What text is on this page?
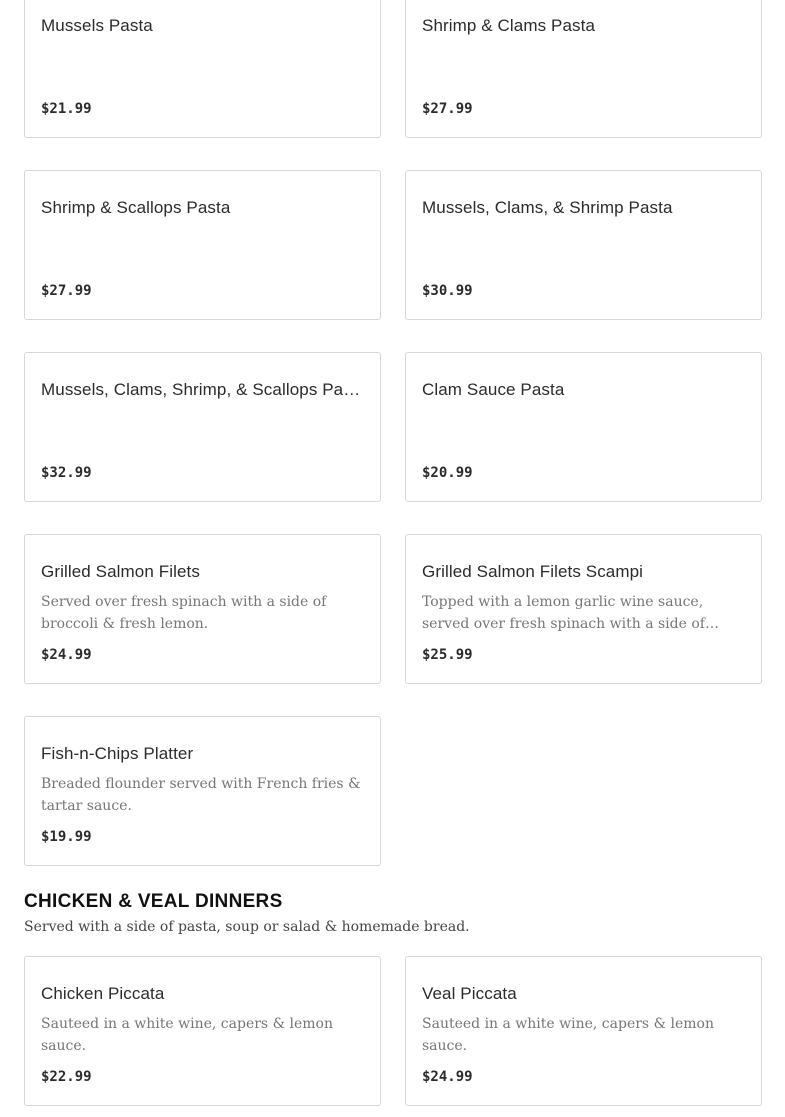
Mussels Pasta
$21.99
Shrimp & Clams Pasta
$27.99
Shrimp & Scallops Pasta
$27.99
Mussels, Clams, & Shrimp Pasta
$30.99
Mussels, Clams, Shrimp, & Scallops Pasta
$32.99
Clam Sauce Pasta
$20.99
Grilled Salmon Filets
Served over fresh spinach with a side of broccoli & fresh lemon.
$24.99
Grilled Salmon Filets Scampi
Topped with a lemon garlic wine sauce, served over fresh spinach with a side of
$25.99
Fish-n-Chips Platter
Breaded flounder served with French fries & tartar sauce.
$19.99
CHICKEN & VEAL DINNERS
Served with a side of pasta, soup or salad & homemade bread.
Chicken Piccata
Sauteed in a white wine, capers & lemon sauce.
$22.99
Veal Piccata
Sauteed in a white wine, capers & lemon sauce.
$24.99
